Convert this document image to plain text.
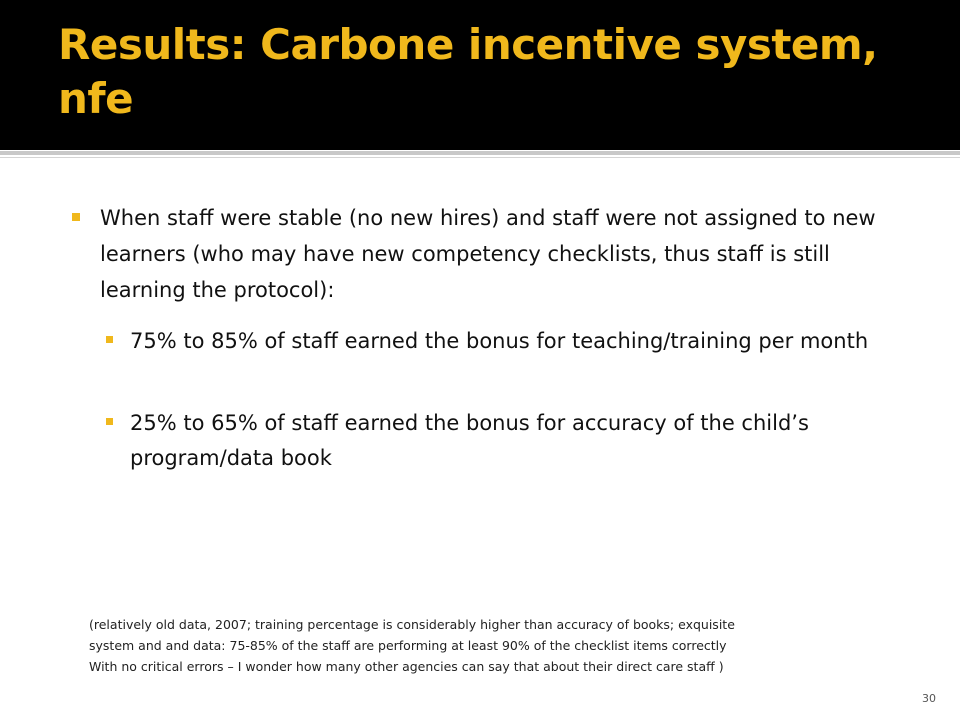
Results: Carbone incentive system, nfe
When staff were stable (no new hires) and staff were not assigned to new learners (who may have new competency checklists, thus staff is still learning the protocol):
75% to 85% of staff earned the bonus for teaching/training per month
25% to 65% of staff earned the bonus for accuracy of the child’s program/data book
(relatively old data, 2007; training percentage is considerably higher than accuracy of books; exquisite
system and and data: 75-85% of the staff are performing at least 90% of the checklist items correctly
With no critical errors – I wonder how many other agencies can say that about their direct care staff )
30
